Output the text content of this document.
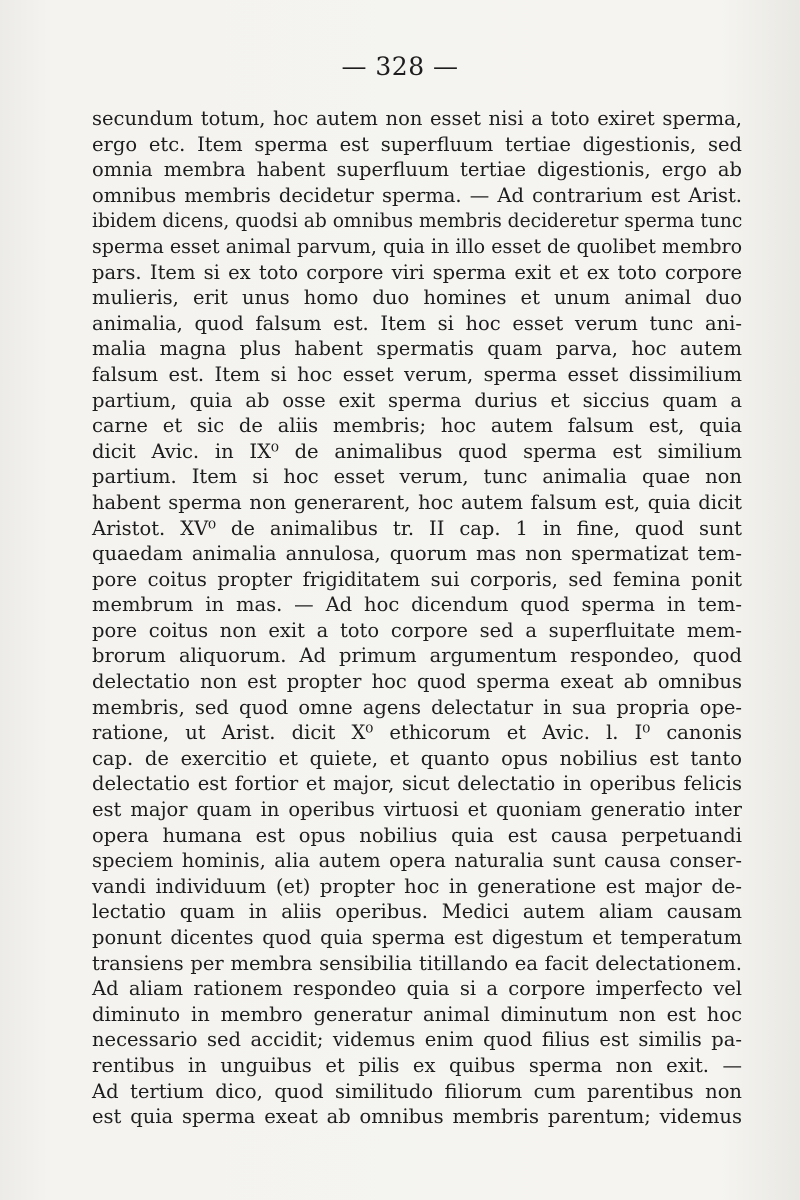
— 328 —
secundum totum, hoc autem non esset nisi a toto exiret sperma,
ergo etc. Item sperma est superfluum tertiae digestionis, sed
omnia membra habent superfluum tertiae digestionis, ergo ab
omnibus membris decidetur sperma. — Ad contrarium est Arist.
ibidem dicens, quodsi ab omnibus membris decideretur sperma tunc
sperma esset animal parvum, quia in illo esset de quolibet membro
pars. Item si ex toto corpore viri sperma exit et ex toto corpore
mulieris, erit unus homo duo homines et unum animal duo
animalia, quod falsum est. Item si hoc esset verum tunc ani-
malia magna plus habent spermatis quam parva, hoc autem
falsum est. Item si hoc esset verum, sperma esset dissimilium
partium, quia ab osse exit sperma durius et siccius quam a
carne et sic de aliis membris; hoc autem falsum est, quia
dicit Avic. in IX⁰ de animalibus quod sperma est similium
partium. Item si hoc esset verum, tunc animalia quae non
habent sperma non generarent, hoc autem falsum est, quia dicit
Aristot. XV⁰ de animalibus tr. II cap. 1 in fine, quod sunt
quaedam animalia annulosa, quorum mas non spermatizat tem-
pore coitus propter frigiditatem sui corporis, sed femina ponit
membrum in mas. — Ad hoc dicendum quod sperma in tem-
pore coitus non exit a toto corpore sed a superfluitate mem-
brorum aliquorum. Ad primum argumentum respondeo, quod
delectatio non est propter hoc quod sperma exeat ab omnibus
membris, sed quod omne agens delectatur in sua propria ope-
ratione, ut Arist. dicit X⁰ ethicorum et Avic. l. I⁰ canonis
cap. de exercitio et quiete, et quanto opus nobilius est tanto
delectatio est fortior et major, sicut delectatio in operibus felicis
est major quam in operibus virtuosi et quoniam generatio inter
opera humana est opus nobilius quia est causa perpetuandi
speciem hominis, alia autem opera naturalia sunt causa conser-
vandi individuum (et) propter hoc in generatione est major de-
lectatio quam in aliis operibus. Medici autem aliam causam
ponunt dicentes quod quia sperma est digestum et temperatum
transiens per membra sensibilia titillando ea facit delectationem.
Ad aliam rationem respondeo quia si a corpore imperfecto vel
diminuto in membro generatur animal diminutum non est hoc
necessario sed accidit; videmus enim quod filius est similis pa-
rentibus in unguibus et pilis ex quibus sperma non exit. —
Ad tertium dico, quod similitudo filiorum cum parentibus non
est quia sperma exeat ab omnibus membris parentum; videmus
